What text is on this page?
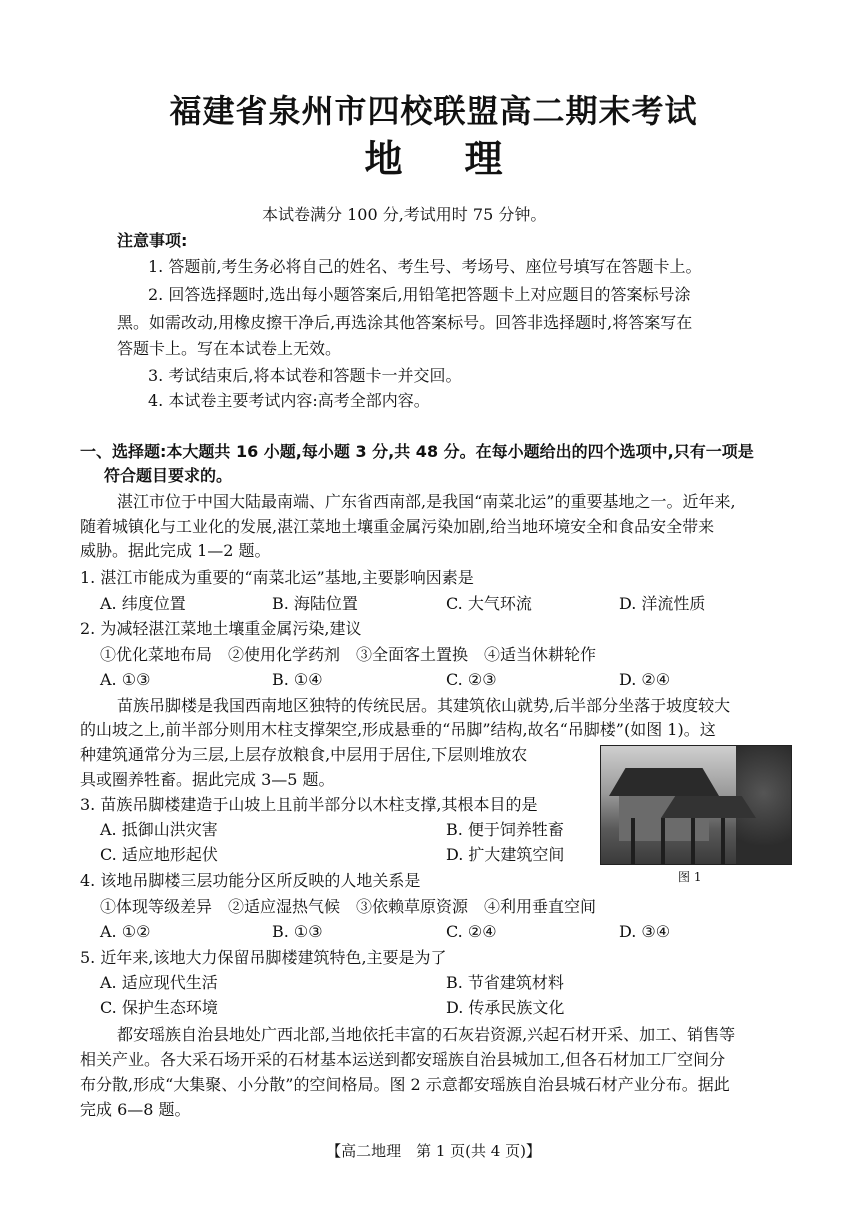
福建省泉州市四校联盟高二期末考试
地理
本试卷满分 100 分,考试用时 75 分钟。
注意事项:
1. 答题前,考生务必将自己的姓名、考生号、考场号、座位号填写在答题卡上。
2. 回答选择题时,选出每小题答案后,用铅笔把答题卡上对应题目的答案标号涂
黑。如需改动,用橡皮擦干净后,再选涂其他答案标号。回答非选择题时,将答案写在
答题卡上。写在本试卷上无效。
3. 考试结束后,将本试卷和答题卡一并交回。
4. 本试卷主要考试内容:高考全部内容。
一、选择题:本大题共 16 小题,每小题 3 分,共 48 分。在每小题给出的四个选项中,只有一项是
符合题目要求的。
湛江市位于中国大陆最南端、广东省西南部,是我国“南菜北运”的重要基地之一。近年来,
随着城镇化与工业化的发展,湛江菜地土壤重金属污染加剧,给当地环境安全和食品安全带来
威胁。据此完成 1—2 题。
1. 湛江市能成为重要的“南菜北运”基地,主要影响因素是
A. 纬度位置	B. 海陆位置	C. 大气环流	D. 洋流性质
2. 为减轻湛江菜地土壤重金属污染,建议
①优化菜地布局　②使用化学药剂　③全面客土置换　④适当休耕轮作
A. ①③	B. ①④	C. ②③	D. ②④
苗族吊脚楼是我国西南地区独特的传统民居。其建筑依山就势,后半部分坐落于坡度较大
的山坡之上,前半部分则用木柱支撑架空,形成悬垂的“吊脚”结构,故名“吊脚楼”(如图 1)。这
种建筑通常分为三层,上层存放粮食,中层用于居住,下层则堆放农
具或圈养牲畜。据此完成 3—5 题。
图 1
3. 苗族吊脚楼建造于山坡上且前半部分以木柱支撑,其根本目的是
A. 抵御山洪灾害	B. 便于饲养牲畜
C. 适应地形起伏	D. 扩大建筑空间
4. 该地吊脚楼三层功能分区所反映的人地关系是
①体现等级差异　②适应湿热气候　③依赖草原资源　④利用垂直空间
A. ①②	B. ①③	C. ②④	D. ③④
5. 近年来,该地大力保留吊脚楼建筑特色,主要是为了
A. 适应现代生活	B. 节省建筑材料
C. 保护生态环境	D. 传承民族文化
都安瑶族自治县地处广西北部,当地依托丰富的石灰岩资源,兴起石材开采、加工、销售等
相关产业。各大采石场开采的石材基本运送到都安瑶族自治县城加工,但各石材加工厂空间分
布分散,形成“大集聚、小分散”的空间格局。图 2 示意都安瑶族自治县城石材产业分布。据此
完成 6—8 题。
【高二地理　第 1 页(共 4 页)】
